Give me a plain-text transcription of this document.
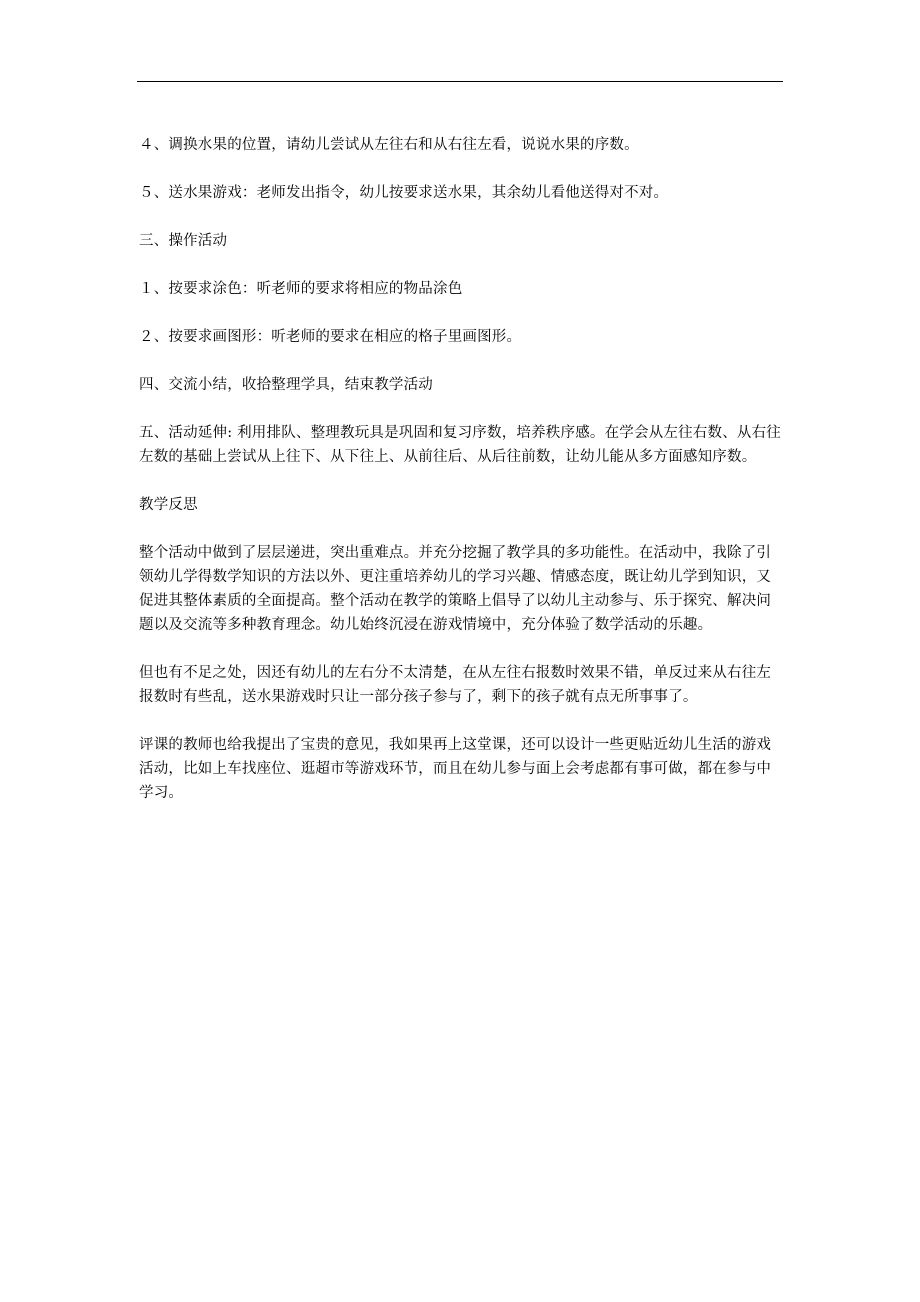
４、调换水果的位置，请幼儿尝试从左往右和从右往左看，说说水果的序数。

５、送水果游戏：老师发出指令，幼儿按要求送水果，其余幼儿看他送得对不对。

三、操作活动

１、按要求涂色：听老师的要求将相应的物品涂色

２、按要求画图形：听老师的要求在相应的格子里画图形。

四、交流小结，收拾整理学具，结束教学活动

五、活动延伸: 利用排队、整理教玩具是巩固和复习序数，培养秩序感。在学会从左往右数、从右往左数的基础上尝试从上往下、从下往上、从前往后、从后往前数，让幼儿能从多方面感知序数。

教学反思

整个活动中做到了层层递进，突出重难点。并充分挖掘了教学具的多功能性。在活动中，我除了引领幼儿学得数学知识的方法以外、更注重培养幼儿的学习兴趣、情感态度，既让幼儿学到知识，又促进其整体素质的全面提高。整个活动在教学的策略上倡导了以幼儿主动参与、乐于探究、解决问题以及交流等多种教育理念。幼儿始终沉浸在游戏情境中，充分体验了数学活动的乐趣。

但也有不足之处，因还有幼儿的左右分不太清楚，在从左往右报数时效果不错，单反过来从右往左报数时有些乱，送水果游戏时只让一部分孩子参与了，剩下的孩子就有点无所事事了。

评课的教师也给我提出了宝贵的意见，我如果再上这堂课，还可以设计一些更贴近幼儿生活的游戏活动，比如上车找座位、逛超市等游戏环节，而且在幼儿参与面上会考虑都有事可做，都在参与中学习。
